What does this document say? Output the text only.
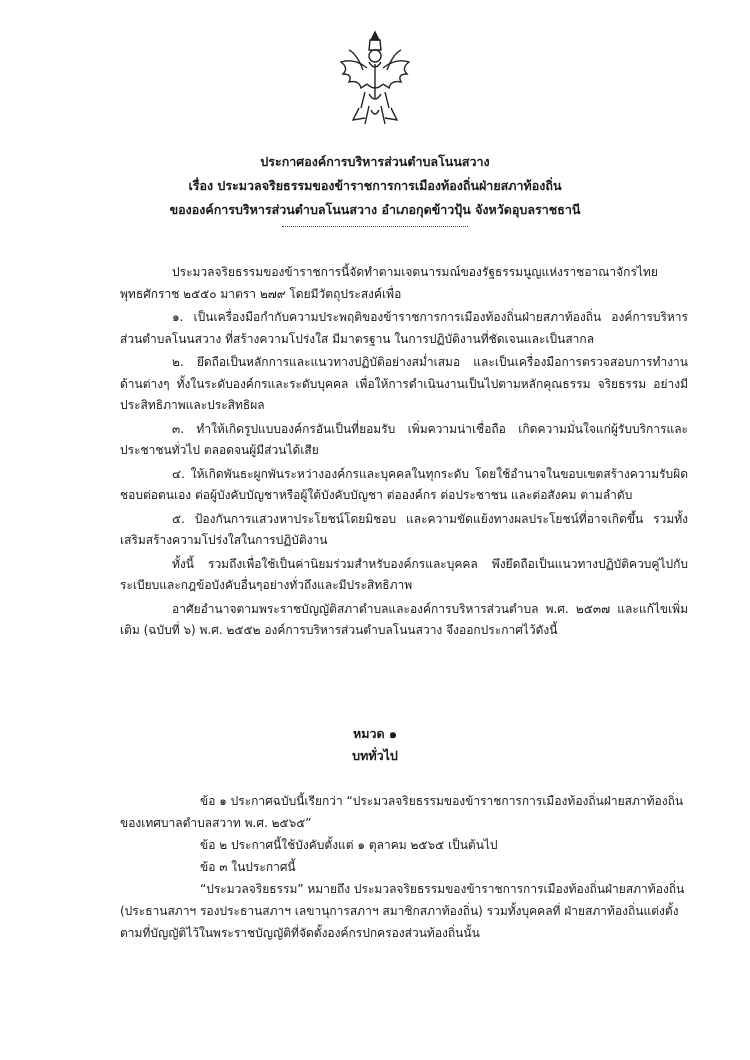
ประกาศองค์การบริหารส่วนตำบลโนนสวาง
เรื่อง ประมวลจริยธรรมของข้าราชการการเมืองท้องถิ่นฝ่ายสภาท้องถิ่น
ขององค์การบริหารส่วนตำบลโนนสวาง อำเภอกุดข้าวปุ้น จังหวัดอุบลราชธานี

ประมวลจริยธรรมของข้าราชการนี้จัดทำตามเจตนารมณ์ของรัฐธรรมนูญแห่งราชอาณาจักรไทย พุทธศักราช ๒๕๕๐ มาตรา ๒๗๙ โดยมีวัตถุประสงค์เพื่อ

๑. เป็นเครื่องมือกำกับความประพฤติของข้าราชการการเมืองท้องถิ่นฝ่ายสภาท้องถิ่น องค์การบริหารส่วนตำบลโนนสวาง ที่สร้างความโปร่งใส มีมาตรฐาน ในการปฏิบัติงานที่ชัดเจนและเป็นสากล

๒. ยึดถือเป็นหลักการและแนวทางปฏิบัติอย่างสม่ำเสมอ และเป็นเครื่องมือการตรวจสอบการทำงานด้านต่างๆ ทั้งในระดับองค์กรและระดับบุคคล เพื่อให้การดำเนินงานเป็นไปตามหลักคุณธรรม จริยธรรม อย่างมีประสิทธิภาพและประสิทธิผล

๓. ทำให้เกิดรูปแบบองค์กรอันเป็นที่ยอมรับ เพิ่มความน่าเชื่อถือ เกิดความมั่นใจแก่ผู้รับบริการและประชาชนทั่วไป ตลอดจนผู้มีส่วนได้เสีย

๔. ให้เกิดพันธะผูกพันระหว่างองค์กรและบุคคลในทุกระดับ โดยใช้อำนาจในขอบเขตสร้างความรับผิดชอบต่อตนเอง ต่อผู้บังคับบัญชาหรือผู้ใต้บังคับบัญชา ต่อองค์กร ต่อประชาชน และต่อสังคม ตามลำดับ

๕. ป้องกันการแสวงหาประโยชน์โดยมิชอบ และความขัดแย้งทางผลประโยชน์ที่อาจเกิดขึ้น รวมทั้งเสริมสร้างความโปร่งใสในการปฏิบัติงาน

ทั้งนี้ รวมถึงเพื่อใช้เป็นค่านิยมร่วมสำหรับองค์กรและบุคคล พึงยึดถือเป็นแนวทางปฏิบัติควบคู่ไปกับระเบียบและกฎข้อบังคับอื่นๆอย่างทั่วถึงและมีประสิทธิภาพ

อาศัยอำนาจตามพระราชบัญญัติสภาตำบลและองค์การบริหารส่วนตำบล พ.ศ. ๒๕๓๗ และแก้ไขเพิ่มเติม (ฉบับที่ ๖) พ.ศ. ๒๕๕๒ องค์การบริหารส่วนตำบลโนนสวาง จึงออกประกาศไว้ดังนี้

หมวด ๑
บททั่วไป
ข้อ ๑ ประกาศฉบับนี้เรียกว่า “ประมวลจริยธรรมของข้าราชการการเมืองท้องถิ่นฝ่ายสภาท้องถิ่นของเทศบาลตำบลสวาท พ.ศ. ๒๕๖๕”
ข้อ ๒ ประกาศนี้ใช้บังคับตั้งแต่ ๑ ตุลาคม ๒๕๖๕ เป็นต้นไป
ข้อ ๓ ในประกาศนี้
“ประมวลจริยธรรม” หมายถึง ประมวลจริยธรรมของข้าราชการการเมืองท้องถิ่นฝ่ายสภาท้องถิ่น (ประธานสภาฯ รองประธานสภาฯ เลขานุการสภาฯ สมาชิกสภาท้องถิ่น) รวมทั้งบุคคลที่ ฝ่ายสภาท้องถิ่นแต่งตั้ง ตามที่บัญญัติไว้ในพระราชบัญญัติที่จัดตั้งองค์กรปกครองส่วนท้องถิ่นนั้น
